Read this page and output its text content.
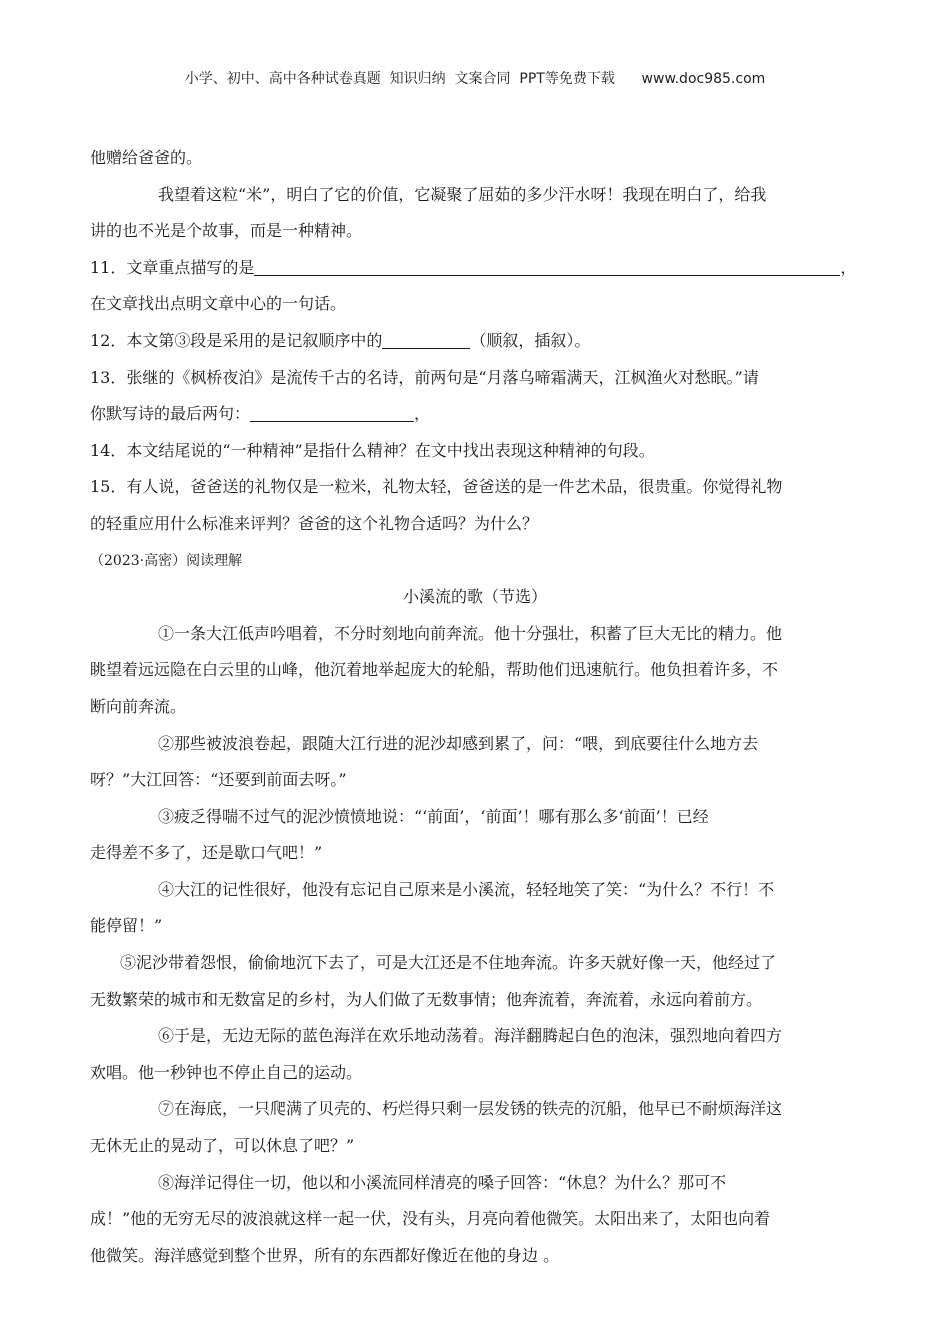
小学、初中、高中各种试卷真题  知识归纳  文案合同  PPT等免费下载      www.doc985.com
他赠给爸爸的。
我望着这粒“米”，明白了它的价值，它凝聚了屈茹的多少汗水呀！我现在明白了，给我
讲的也不光是个故事，而是一种精神。
11．文章重点描写的是	，
在文章找出点明文章中心的一句话。
12．本文第③段是采用的是记叙顺序中的	（顺叙，插叙）。
13．张继的《枫桥夜泊》是流传千古的名诗，前两句是“月落乌啼霜满天，江枫渔火对愁眠。”请
你默写诗的最后两句：	，
14．本文结尾说的“一种精神”是指什么精神？在文中找出表现这种精神的句段。
15．有人说，爸爸送的礼物仅是一粒米，礼物太轻，爸爸送的是一件艺术品，很贵重。你觉得礼物
的轻重应用什么标准来评判？爸爸的这个礼物合适吗？为什么？
（2023·高密）阅读理解
小溪流的歌（节选）
①一条大江低声吟唱着，不分时刻地向前奔流。他十分强壮，积蓄了巨大无比的精力。他
眺望着远远隐在白云里的山峰，他沉着地举起庞大的轮船，帮助他们迅速航行。他负担着许多，不
断向前奔流。
②那些被波浪卷起，跟随大江行进的泥沙却感到累了，问：“喂，到底要往什么地方去
呀？”大江回答：“还要到前面去呀。”
③疲乏得喘不过气的泥沙愤愤地说：“‘前面’，‘前面’！哪有那么多‘前面’！已经
走得差不多了，还是歇口气吧！”
④大江的记性很好，他没有忘记自己原来是小溪流，轻轻地笑了笑：“为什么？不行！不
能停留！”
⑤泥沙带着怨恨，偷偷地沉下去了，可是大江还是不住地奔流。许多天就好像一天，他经过了
无数繁荣的城市和无数富足的乡村，为人们做了无数事情；他奔流着，奔流着，永远向着前方。
⑥于是，无边无际的蓝色海洋在欢乐地动荡着。海洋翻腾起白色的泡沫，强烈地向着四方
欢唱。他一秒钟也不停止自己的运动。
⑦在海底，一只爬满了贝壳的、朽烂得只剩一层发锈的铁壳的沉船，他早已不耐烦海洋这
无休无止的晃动了，可以休息了吧？”
⑧海洋记得住一切，他以和小溪流同样清亮的嗓子回答：“休息？为什么？那可不
成！”他的无穷无尽的波浪就这样一起一伏，没有头，月亮向着他微笑。太阳出来了，太阳也向着
他微笑。海洋感觉到整个世界，所有的东西都好像近在他的身边 。
